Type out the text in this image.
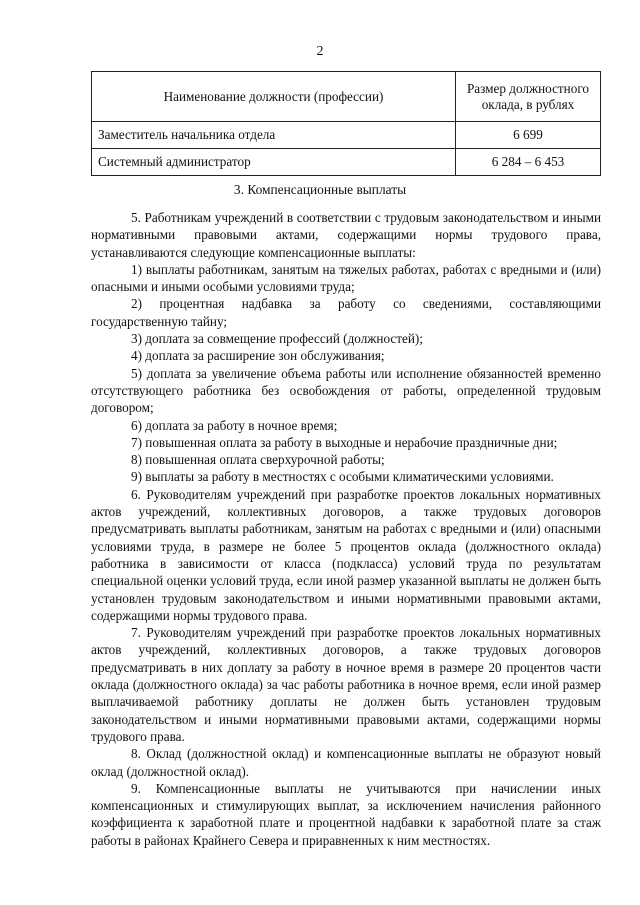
2
Наименование должности (профессии)	Размер должностного оклада, в рублях
Заместитель начальника отдела	6 699
Системный администратор	6 284 – 6 453
3. Компенсационные выплаты

5. Работникам учреждений в соответствии с трудовым законодательством и иными нормативными правовыми актами, содержащими нормы трудового права, устанавливаются следующие компенсационные выплаты:

1) выплаты работникам, занятым на тяжелых работах, работах с вредными и (или) опасными и иными особыми условиями труда;

2) процентная надбавка за работу со сведениями, составляющими государственную тайну;

3) доплата за совмещение профессий (должностей);

4) доплата за расширение зон обслуживания;

5) доплата за увеличение объема работы или исполнение обязанностей временно отсутствующего работника без освобождения от работы, определенной трудовым договором;

6) доплата за работу в ночное время;

7) повышенная оплата за работу в выходные и нерабочие праздничные дни;

8) повышенная оплата сверхурочной работы;

9) выплаты за работу в местностях с особыми климатическими условиями.

6. Руководителям учреждений при разработке проектов локальных нормативных актов учреждений, коллективных договоров, а также трудовых договоров предусматривать выплаты работникам, занятым на работах с вредными и (или) опасными условиями труда, в размере не более 5 процентов оклада (должностного оклада) работника в зависимости от класса (подкласса) условий труда по результатам специальной оценки условий труда, если иной размер указанной выплаты не должен быть установлен трудовым законодательством и иными нормативными правовыми актами, содержащими нормы трудового права.

7. Руководителям учреждений при разработке проектов локальных нормативных актов учреждений, коллективных договоров, а также трудовых договоров предусматривать в них доплату за работу в ночное время в размере 20 процентов части оклада (должностного оклада) за час работы работника в ночное время, если иной размер выплачиваемой работнику доплаты не должен быть установлен трудовым законодательством и иными нормативными правовыми актами, содержащими нормы трудового права.

8. Оклад (должностной оклад) и компенсационные выплаты не образуют новый оклад (должностной оклад).

9. Компенсационные выплаты не учитываются при начислении иных компенсационных и стимулирующих выплат, за исключением начисления районного коэффициента к заработной плате и процентной надбавки к заработной плате за стаж работы в районах Крайнего Севера и приравненных к ним местностях.
